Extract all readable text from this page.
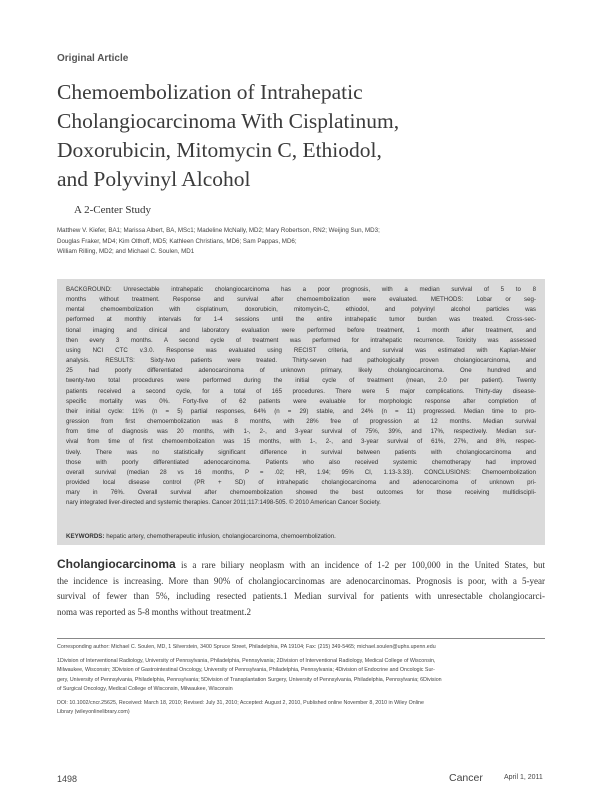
Original Article
Chemoembolization of Intrahepatic
Cholangiocarcinoma With Cisplatinum,
Doxorubicin, Mitomycin C, Ethiodol,
and Polyvinyl Alcohol
A 2-Center Study
Matthew V. Kiefer, BA1; Marissa Albert, BA, MSc1; Madeline McNally, MD2; Mary Robertson, RN2; Weijing Sun, MD3;
Douglas Fraker, MD4; Kim Olthoff, MD5; Kathleen Christians, MD6; Sam Pappas, MD6;
William Rilling, MD2; and Michael C. Soulen, MD1
BACKGROUND: Unresectable intrahepatic cholangiocarcinoma has a poor prognosis, with a median survival of 5 to 8
months without treatment. Response and survival after chemoembolization were evaluated. METHODS: Lobar or seg-
mental chemoembolization with cisplatinum, doxorubicin, mitomycin-C, ethiodol, and polyvinyl alcohol particles was
performed at monthly intervals for 1-4 sessions until the entire intrahepatic tumor burden was treated. Cross-sec-
tional imaging and clinical and laboratory evaluation were performed before treatment, 1 month after treatment, and
then every 3 months. A second cycle of treatment was performed for intrahepatic recurrence. Toxicity was assessed
using NCI CTC v.3.0. Response was evaluated using RECIST criteria, and survival was estimated with Kaplan-Meier
analysis. RESULTS: Sixty-two patients were treated. Thirty-seven had pathologically proven cholangiocarcinoma, and
25 had poorly differentiated adenocarcinoma of unknown primary, likely cholangiocarcinoma. One hundred and
twenty-two total procedures were performed during the initial cycle of treatment (mean, 2.0 per patient). Twenty
patients received a second cycle, for a total of 165 procedures. There were 5 major complications. Thirty-day disease-
specific mortality was 0%. Forty-five of 62 patients were evaluable for morphologic response after completion of
their initial cycle: 11% (n = 5) partial responses, 64% (n = 29) stable, and 24% (n = 11) progressed. Median time to pro-
gression from first chemoembolization was 8 months, with 28% free of progression at 12 months. Median survival
from time of diagnosis was 20 months, with 1-, 2-, and 3-year survival of 75%, 39%, and 17%, respectively. Median sur-
vival from time of first chemoembolization was 15 months, with 1-, 2-, and 3-year survival of 61%, 27%, and 8%, respec-
tively. There was no statistically significant difference in survival between patients with cholangiocarcinoma and
those with poorly differentiated adenocarcinoma. Patients who also received systemic chemotherapy had improved
overall survival (median 28 vs 16 months, P = .02; HR, 1.94; 95% CI, 1.13-3.33). CONCLUSIONS: Chemoembolization
provided local disease control (PR + SD) of intrahepatic cholangiocarcinoma and adenocarcinoma of unknown pri-
mary in 76%. Overall survival after chemoembolization showed the best outcomes for those receiving multidiscipli-
nary integrated liver-directed and systemic therapies. Cancer 2011;117:1498-505. © 2010 American Cancer Society.
KEYWORDS: hepatic artery, chemotherapeutic infusion, cholangiocarcinoma, chemoembolization.
Cholangiocarcinoma is a rare biliary neoplasm with an incidence of 1-2 per 100,000 in the United States, but
the incidence is increasing. More than 90% of cholangiocarcinomas are adenocarcinomas. Prognosis is poor, with a 5-year
survival of fewer than 5%, including resected patients.1 Median survival for patients with unresectable cholangiocarci-
noma was reported as 5-8 months without treatment.2
Corresponding author: Michael C. Soulen, MD, 1 Silverstein, 3400 Spruce Street, Philadelphia, PA 19104; Fax: (215) 349-5465; michael.soulen@uphs.upenn.edu
1Division of Interventional Radiology, University of Pennsylvania, Philadelphia, Pennsylvania; 2Division of Interventional Radiology, Medical College of Wisconsin,
Milwaukee, Wisconsin; 3Division of Gastrointestinal Oncology, University of Pennsylvania, Philadelphia, Pennsylvania; 4Division of Endocrine and Oncologic Sur-
gery, University of Pennsylvania, Philadelphia, Pennsylvania; 5Division of Transplantation Surgery, University of Pennsylvania, Philadelphia, Pennsylvania; 6Division
of Surgical Oncology, Medical College of Wisconsin, Milwaukee, Wisconsin
DOI: 10.1002/cncr.25625, Received: March 18, 2010; Revised: July 31, 2010; Accepted: August 2, 2010, Published online November 8, 2010 in Wiley Online
Library (wileyonlinelibrary.com)
1498	Cancer	April 1, 2011
